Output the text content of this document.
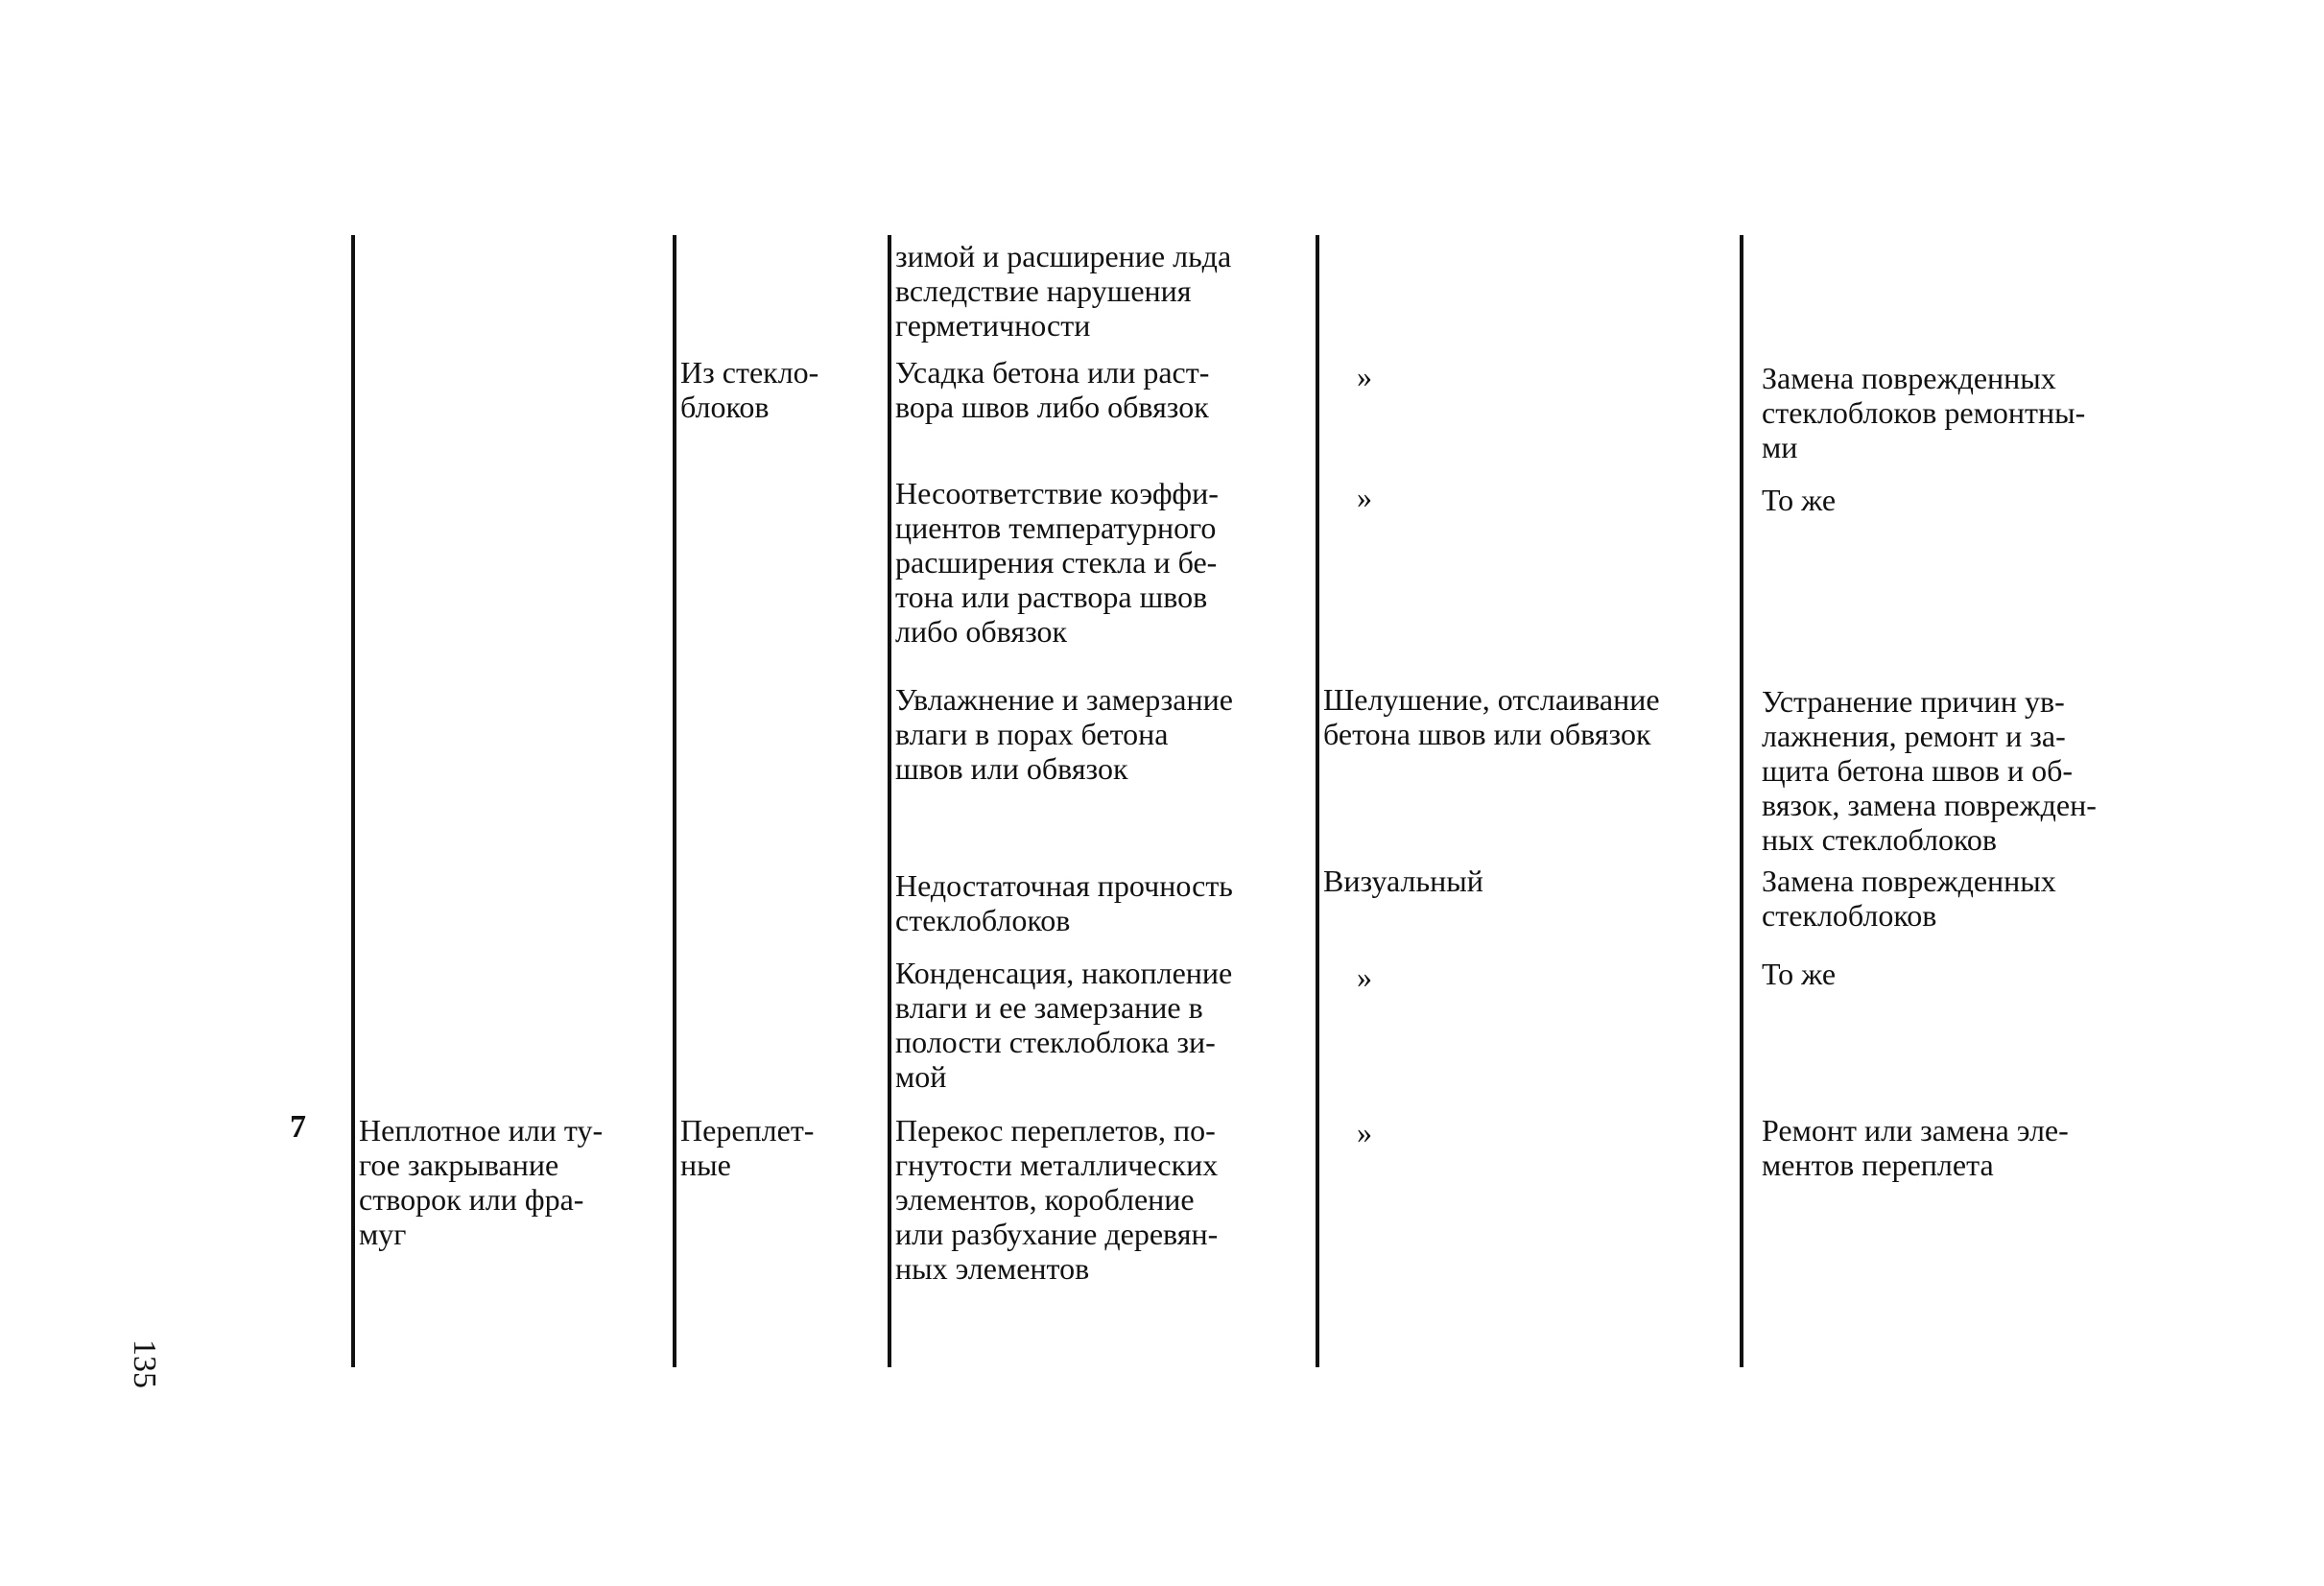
135
7 Неплотное или ту-
гое закрывание
створок или фра-
муг
Из стекло-
блоков
Переплет-
ные
зимой и расширение льда
вследствие нарушения
герметичности
Усадка бетона или раст-
вора швов либо обвязок
Несоответствие коэффи-
циентов температурного
расширения стекла и бе-
тона или раствора швов
либо обвязок
Увлажнение и замерзание
влаги в порах бетона
швов или обвязок
Недостаточная прочность
стеклоблоков
Конденсация, накопление
влаги и ее замерзание в
полости стеклоблока зи-
мой
Перекос переплетов, по-
гнутости металлических
элементов, коробление
или разбухание деревян-
ных элементов
»
»
Шелушение, отслаивание
бетона швов или обвязок
Визуальный
»
»
Замена поврежденных
стеклоблоков ремонтны-
ми
То же
Устранение причин ув-
лажнения, ремонт и за-
щита бетона швов и об-
вязок, замена поврежден-
ных стеклоблоков
Замена поврежденных
стеклоблоков
То же
Ремонт или замена эле-
ментов переплета
